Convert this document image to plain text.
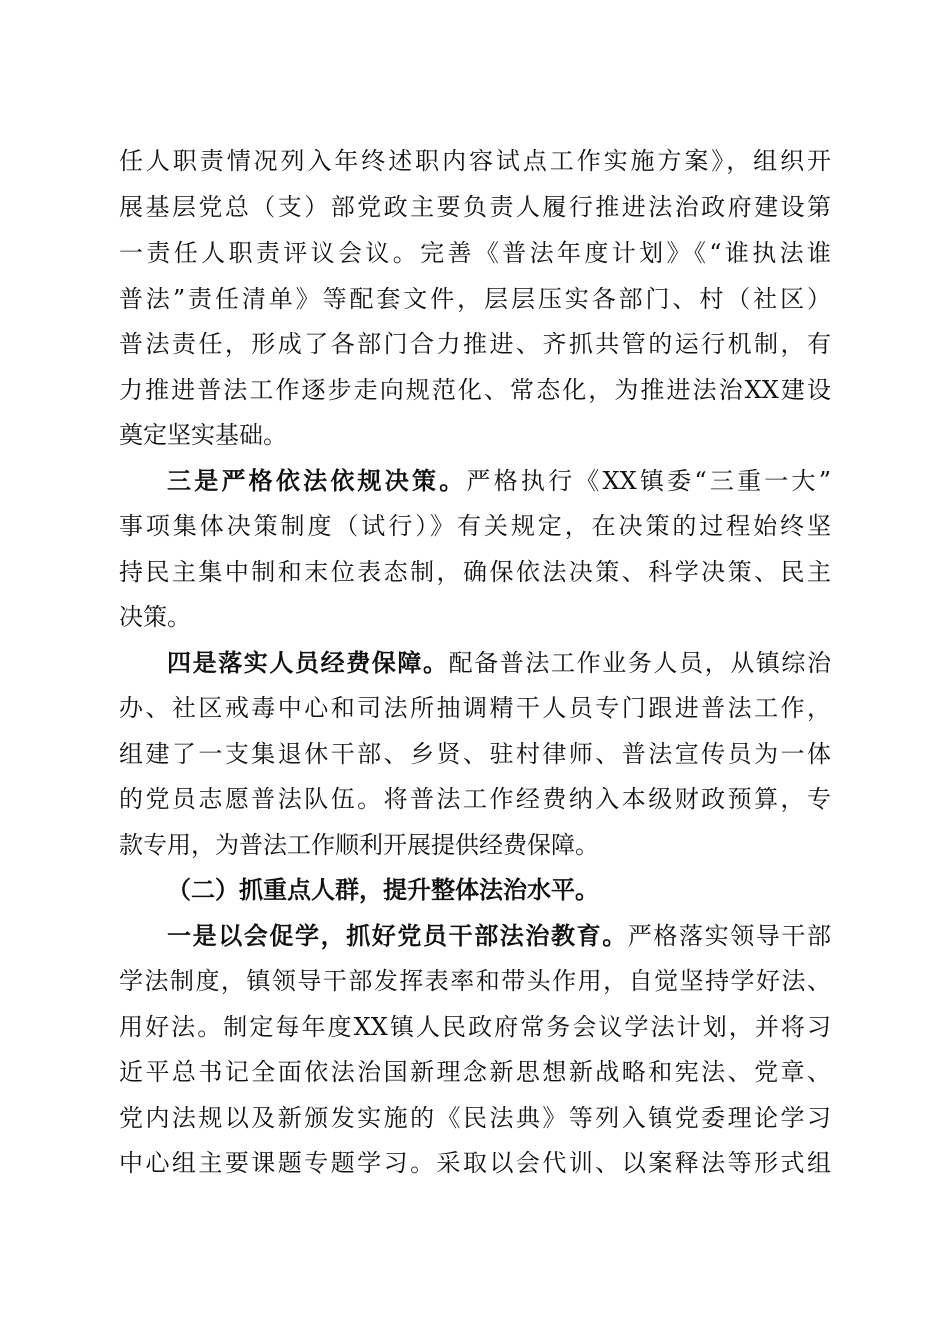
任人职责情况列入年终述职内容试点工作实施方案》，组织开
展基层党总（支）部党政主要负责人履行推进法治政府建设第
一责任人职责评议会议。完善《普法年度计划》《“谁执法谁
普法”责任清单》等配套文件，层层压实各部门、村（社区）
普法责任，形成了各部门合力推进、齐抓共管的运行机制，有
力推进普法工作逐步走向规范化、常态化，为推进法治XX建设
奠定坚实基础。
三是严格依法依规决策。严格执行《XX镇委“三重一大”
事项集体决策制度（试行）》有关规定，在决策的过程始终坚
持民主集中制和末位表态制，确保依法决策、科学决策、民主
决策。
四是落实人员经费保障。配备普法工作业务人员，从镇综治
办、社区戒毒中心和司法所抽调精干人员专门跟进普法工作，
组建了一支集退休干部、乡贤、驻村律师、普法宣传员为一体
的党员志愿普法队伍。将普法工作经费纳入本级财政预算，专
款专用，为普法工作顺利开展提供经费保障。
（二）抓重点人群，提升整体法治水平。
一是以会促学，抓好党员干部法治教育。严格落实领导干部
学法制度，镇领导干部发挥表率和带头作用，自觉坚持学好法、
用好法。制定每年度XX镇人民政府常务会议学法计划，并将习
近平总书记全面依法治国新理念新思想新战略和宪法、党章、
党内法规以及新颁发实施的《民法典》等列入镇党委理论学习
中心组主要课题专题学习。采取以会代训、以案释法等形式组
